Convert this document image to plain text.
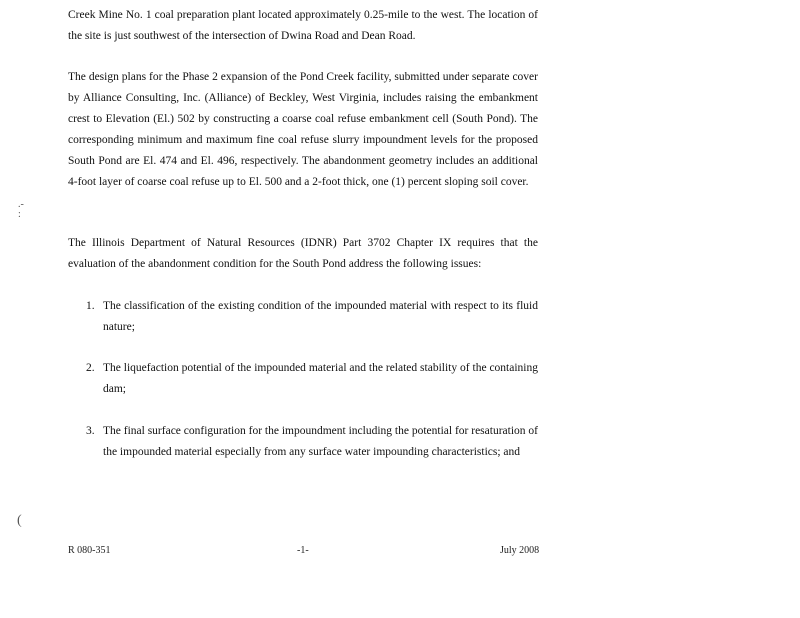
Creek Mine No. 1 coal preparation plant located approximately 0.25-mile to the west. The location of the site is just southwest of the intersection of Dwina Road and Dean Road.

The design plans for the Phase 2 expansion of the Pond Creek facility, submitted under separate cover by Alliance Consulting, Inc. (Alliance) of Beckley, West Virginia, includes raising the embankment crest to Elevation (El.) 502 by constructing a coarse coal refuse embankment cell (South Pond). The corresponding minimum and maximum fine coal refuse slurry impoundment levels for the proposed South Pond are El. 474 and El. 496, respectively. The abandonment geometry includes an additional 4-foot layer of coarse coal refuse up to El. 500 and a 2-foot thick, one (1) percent sloping soil cover.

The Illinois Department of Natural Resources (IDNR) Part 3702 Chapter IX requires that the evaluation of the abandonment condition for the South Pond address the following issues:

1. The classification of the existing condition of the impounded material with respect to its fluid nature;
2. The liquefaction potential of the impounded material and the related stability of the containing dam;
3. The final surface configuration for the impoundment including the potential for resaturation of the impounded material especially from any surface water impounding characteristics; and
.-
:
(
R 080-351	-1-	July 2008
